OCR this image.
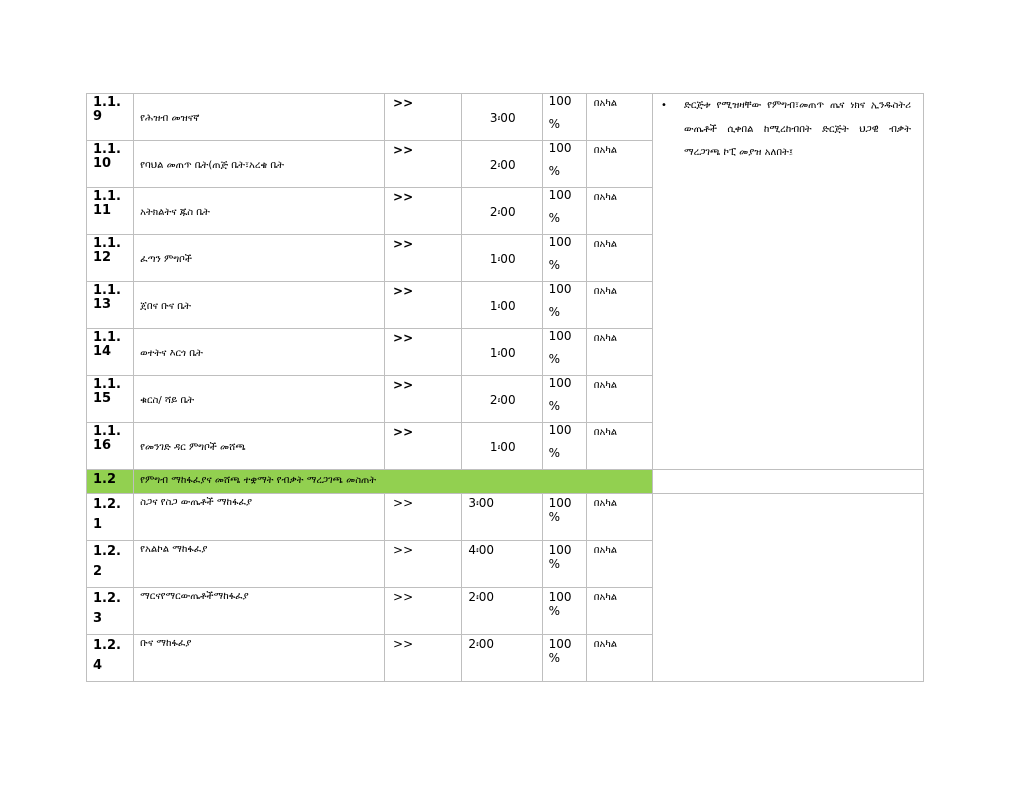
1.1.
9	የሕዝብ መዝናኛ	>>	3፡00	100
%	በአካል	• ድርጅቱ የሚዝዛቸው የምግብ፣መጠጥ ጤና ነክና ኢንዱስትሪ ውጤቶች ሲቀበል ከሚረከብበት ድርጅት ህጋዊ ብቃት ማረጋገጫ ኮፒ መያዝ አለበት፤

1.1.
10	የባህል መጠጥ ቤት(ጠጅ ቤት፣አረቄ ቤት	>>	2፡00	100
%	በአካል	

1.1.
11	አትክልትና ጁስ ቤት	>>	2፡00	100
%	በአካል	

1.1.
12	ፈጣን ምግቦች	>>	1፡00	100
%	በአካል	

1.1.
13	ጀበና ቡና ቤት	>>	1፡00	100
%	በአካል	

1.1.
14	ወተትና እርጎ ቤት	>>	1፡00	100
%	በአካል	

1.1.
15	ቁርስ/ ሻይ ቤት	>>	2፡00	100
%	በአካል	

1.1.
16	የመንገድ ዳር ምግቦች መሸጫ	>>	1፡00	100
%	በአካል	

1.2	የምግብ ማከፋፈያና መሸጫ ተቋማት የብቃት ማረጋገጫ መስጠት					

1.2.
1	ስጋና የስጋ ውጤቶች ማከፋፈያ	>>	3፡00	100
%	በአካል	

1.2.
2	የአልኮል ማከፋፈያ	>>	4፡00	100
%	በአካል	

1.2.
3	ማርናየማርውጤቶችማከፋፈያ	>>	2፡00	100
%	በአካል	

1.2.
4	ቡና ማከፋፈያ	>>	2፡00	100
%	በአካል	
